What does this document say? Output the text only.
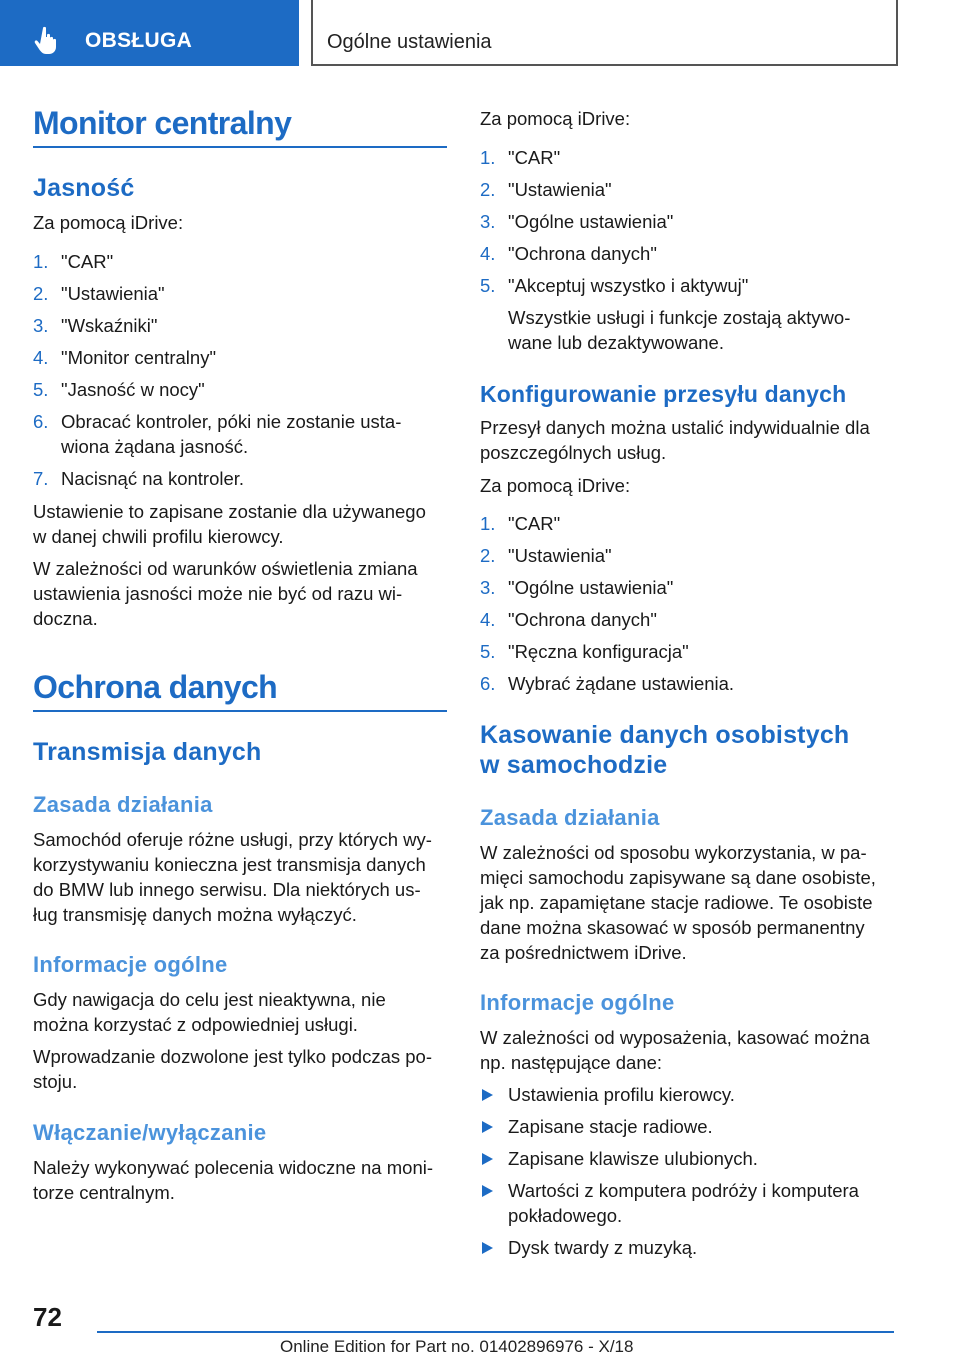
OBSŁUGA	Ogólne ustawienia
Monitor centralny
Jasność

Za pomocą iDrive:

1. "CAR"
2. "Ustawienia"
3. "Wskaźniki"
4. "Monitor centralny"
5. "Jasność w nocy"
6. Obracać kontroler, póki nie zostanie usta-
wiona żądana jasność.
7. Nacisnąć na kontroler.

Ustawienie to zapisane zostanie dla używanego

w danej chwili profilu kierowcy.

W zależności od warunków oświetlenia zmiana

ustawienia jasności może nie być od razu wi-

doczna.

Ochrona danych
Transmisja danych
Zasada działania

Samochód oferuje różne usługi, przy których wy-

korzystywaniu konieczna jest transmisja danych

do BMW lub innego serwisu. Dla niektórych us-

ług transmisję danych można wyłączyć.

Informacje ogólne

Gdy nawigacja do celu jest nieaktywna, nie

można korzystać z odpowiedniej usługi.

Wprowadzanie dozwolone jest tylko podczas po-

stoju.

Włączanie/wyłączanie

Należy wykonywać polecenia widoczne na moni-

torze centralnym.

Za pomocą iDrive:

1. "CAR"
2. "Ustawienia"
3. "Ogólne ustawienia"
4. "Ochrona danych"
5. "Akceptuj wszystko i aktywuj"

Wszystkie usługi i funkcje zostają aktywo-

wane lub dezaktywowane.

Konfigurowanie przesyłu danych

Przesył danych można ustalić indywidualnie dla

poszczególnych usług.

Za pomocą iDrive:

1. "CAR"
2. "Ustawienia"
3. "Ogólne ustawienia"
4. "Ochrona danych"
5. "Ręczna konfiguracja"
6. Wybrać żądane ustawienia.
Kasowanie danych osobistych
w samochodzie
Zasada działania

W zależności od sposobu wykorzystania, w pa-

mięci samochodu zapisywane są dane osobiste,

jak np. zapamiętane stacje radiowe. Te osobiste

dane można skasować w sposób permanentny

za pośrednictwem iDrive.

Informacje ogólne

W zależności od wyposażenia, kasować można

np. następujące dane:

Ustawienia profilu kierowcy.
Zapisane stacje radiowe.
Zapisane klawisze ulubionych.
Wartości z komputera podróży i komputera
pokładowego.
Dysk twardy z muzyką.
72
Online Edition for Part no. 01402896976 - X/18
